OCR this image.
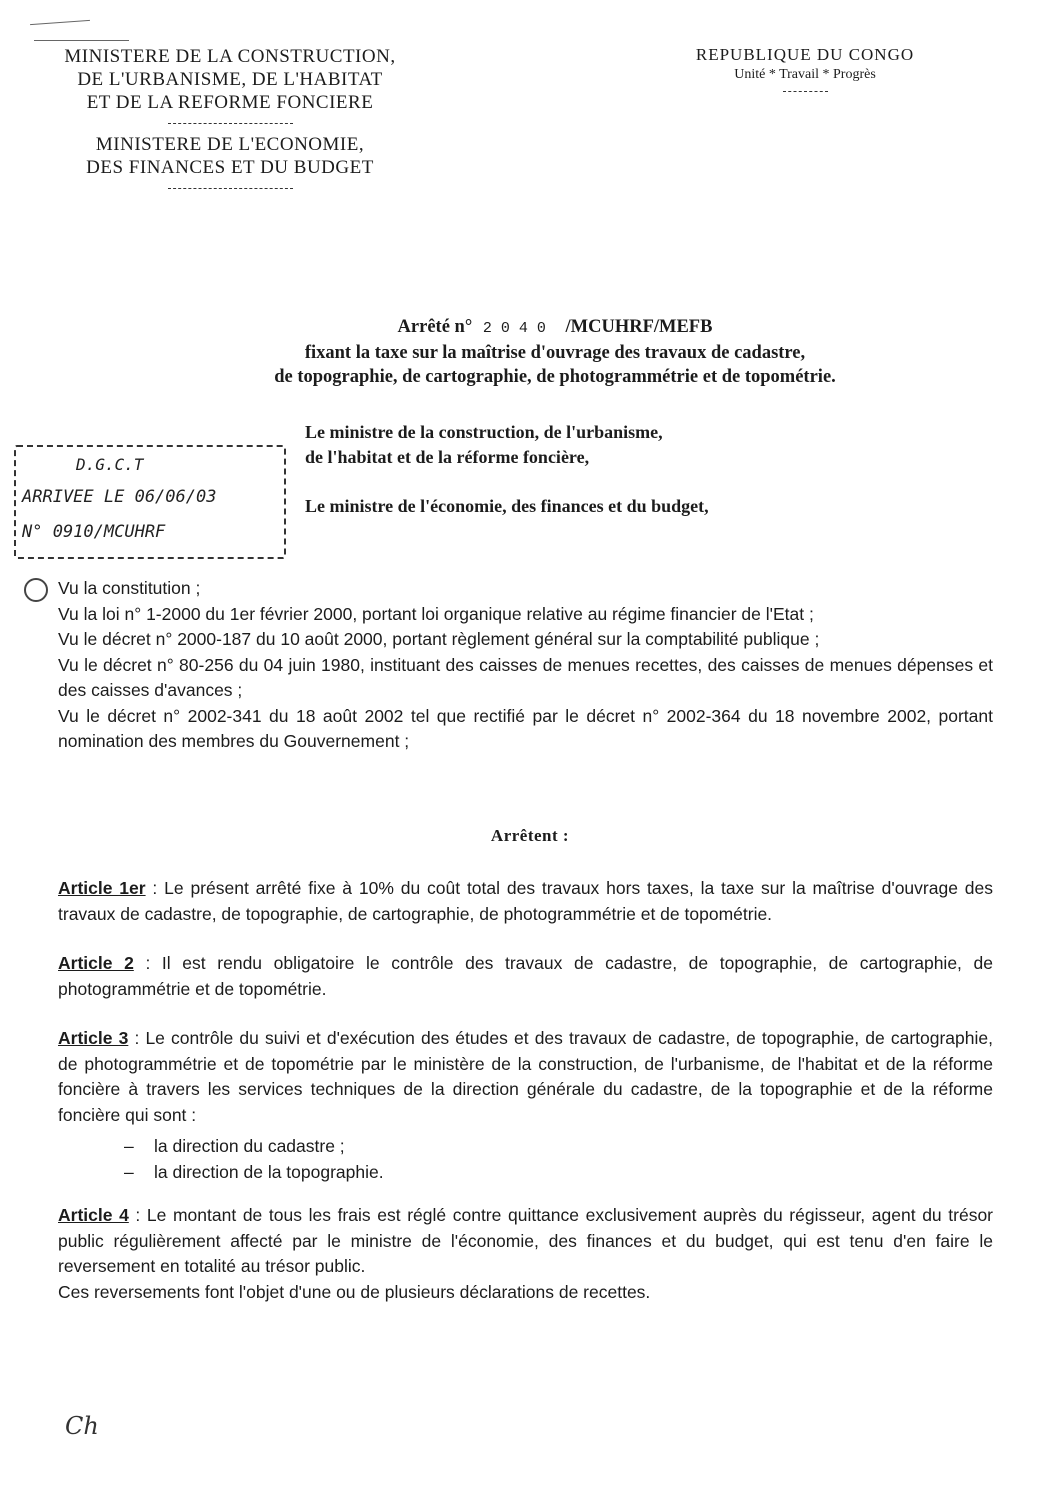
MINISTERE DE LA CONSTRUCTION,
DE L'URBANISME, DE L'HABITAT
ET DE LA REFORME FONCIERE
MINISTERE DE L'ECONOMIE,
DES FINANCES ET DU BUDGET
REPUBLIQUE DU CONGO
Unité * Travail * Progrès
Arrêté n° 2040 /MCUHRF/MEFB
fixant la taxe sur la maîtrise d'ouvrage des travaux de cadastre,
de topographie, de cartographie, de photogrammétrie et de topométrie.
D.G.C.T
ARRIVEE LE 06/06/03
N° 0910/MCUHRF
Le ministre de la construction, de l'urbanisme,
de l'habitat et de la réforme foncière,
Le ministre de l'économie, des finances et du budget,

Vu la constitution ;

Vu la loi n° 1-2000 du 1er février 2000, portant loi organique relative au régime financier de l'Etat ;

Vu le décret n° 2000-187 du 10 août 2000, portant règlement général sur la comptabilité publique ;

Vu le décret n° 80-256 du 04 juin 1980, instituant des caisses de menues recettes, des caisses de menues dépenses et des caisses d'avances ;

Vu le décret n° 2002-341 du 18 août 2002 tel que rectifié par le décret n° 2002-364 du 18 novembre 2002, portant nomination des membres du Gouvernement ;

Arrêtent :

Article 1er : Le présent arrêté fixe à 10% du coût total des travaux hors taxes, la taxe sur la maîtrise d'ouvrage des travaux de cadastre, de topographie, de cartographie, de photogrammétrie et de topométrie.

Article 2 : Il est rendu obligatoire le contrôle des travaux de cadastre, de topographie, de cartographie, de photogrammétrie et de topométrie.

Article 3 : Le contrôle du suivi et d'exécution des études et des travaux de cadastre, de topographie, de cartographie, de photogrammétrie et de topométrie par le ministère de la construction, de l'urbanisme, de l'habitat et de la réforme foncière à travers les services techniques de la direction générale du cadastre, de la topographie et de la réforme foncière qui sont :

– la direction du cadastre ;
– la direction de la topographie.

Article 4 : Le montant de tous les frais est réglé contre quittance exclusivement auprès du régisseur, agent du trésor public régulièrement affecté par le ministre de l'économie, des finances et du budget, qui est tenu d'en faire le reversement en totalité au trésor public.

Ces reversements font l'objet d'une ou de plusieurs déclarations de recettes.

Ch
